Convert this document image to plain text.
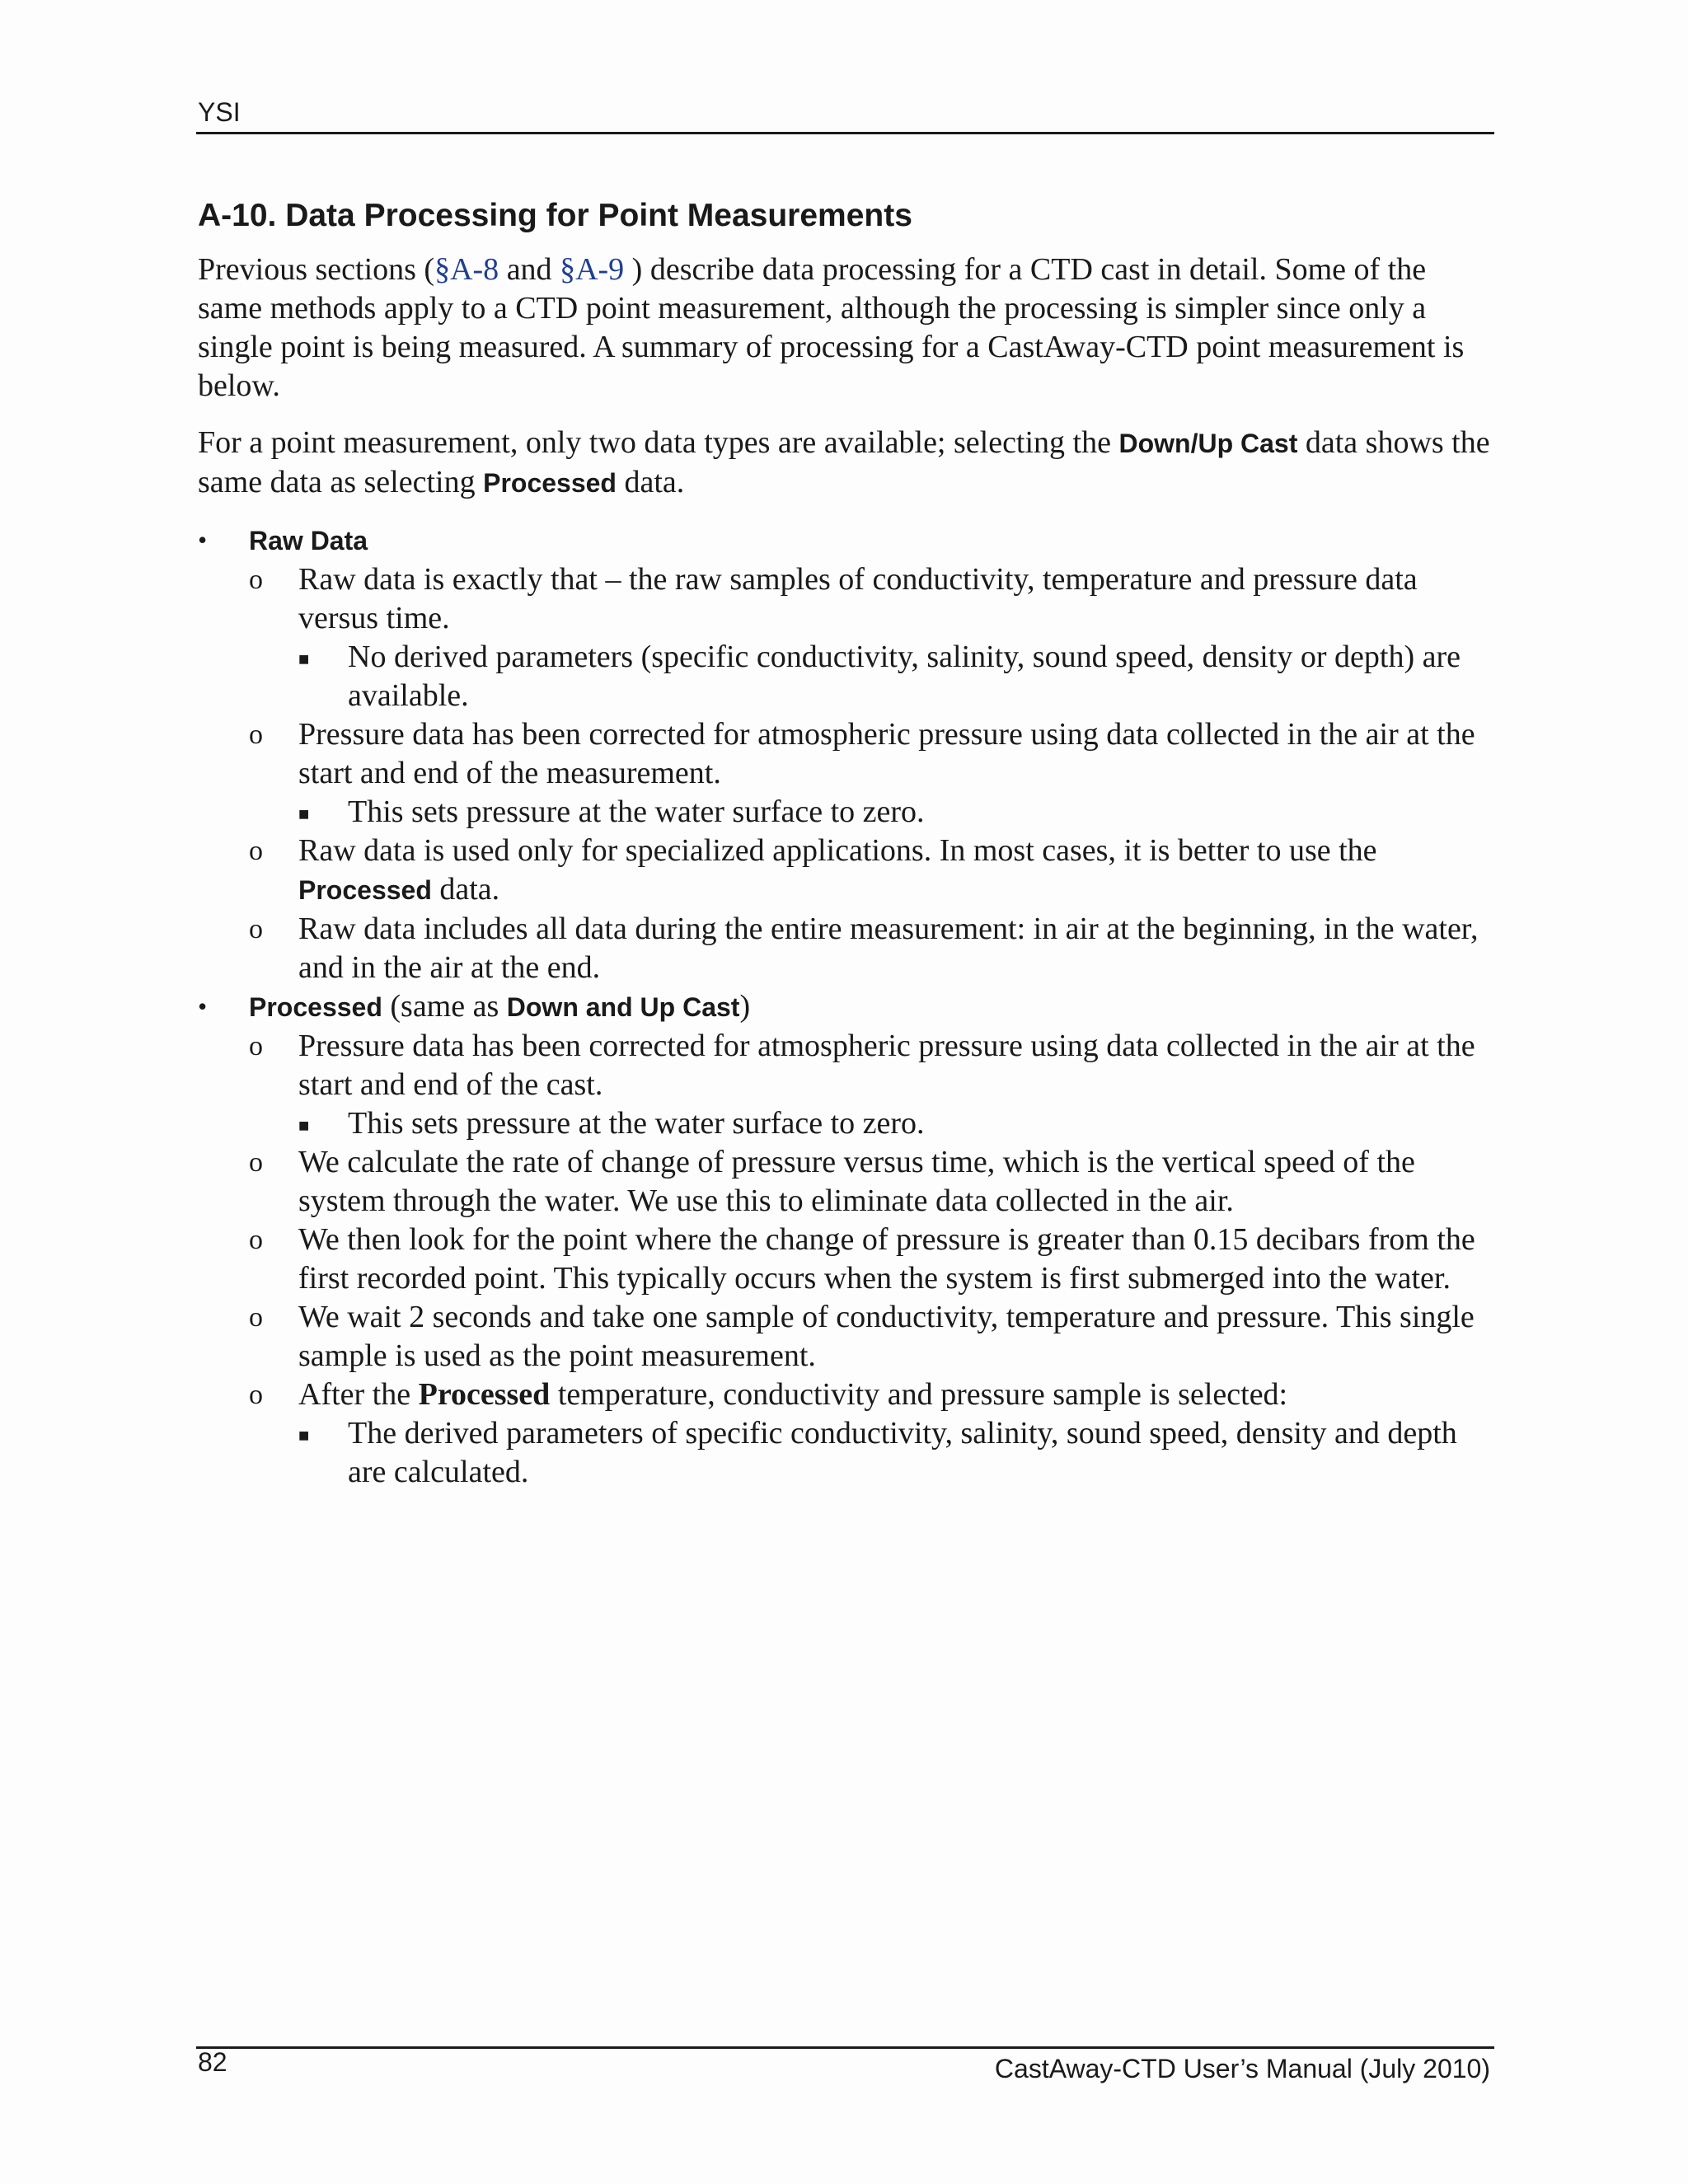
YSI
A-10. Data Processing for Point Measurements

Previous sections (§A-8 and §A-9 ) describe data processing for a CTD cast in detail. Some of the same methods apply to a CTD point measurement, although the processing is simpler since only a single point is being measured. A summary of processing for a CastAway-CTD point measurement is below.

For a point measurement, only two data types are available; selecting the Down/Up Cast data shows the same data as selecting Processed data.

• Raw Data
o Raw data is exactly that – the raw samples of conductivity, temperature and pressure data versus time.
■ No derived parameters (specific conductivity, salinity, sound speed, density or depth) are available.
o Pressure data has been corrected for atmospheric pressure using data collected in the air at the start and end of the measurement.
■ This sets pressure at the water surface to zero.
o Raw data is used only for specialized applications. In most cases, it is better to use the Processed data.
o Raw data includes all data during the entire measurement: in air at the beginning, in the water, and in the air at the end.
• Processed (same as Down and Up Cast)
o Pressure data has been corrected for atmospheric pressure using data collected in the air at the start and end of the cast.
■ This sets pressure at the water surface to zero.
o We calculate the rate of change of pressure versus time, which is the vertical speed of the system through the water. We use this to eliminate data collected in the air.
o We then look for the point where the change of pressure is greater than 0.15 decibars from the first recorded point. This typically occurs when the system is first submerged into the water.
o We wait 2 seconds and take one sample of conductivity, temperature and pressure. This single sample is used as the point measurement.
o After the Processed temperature, conductivity and pressure sample is selected:
■ The derived parameters of specific conductivity, salinity, sound speed, density and depth are calculated.
82	CastAway-CTD User’s Manual (July 2010)
